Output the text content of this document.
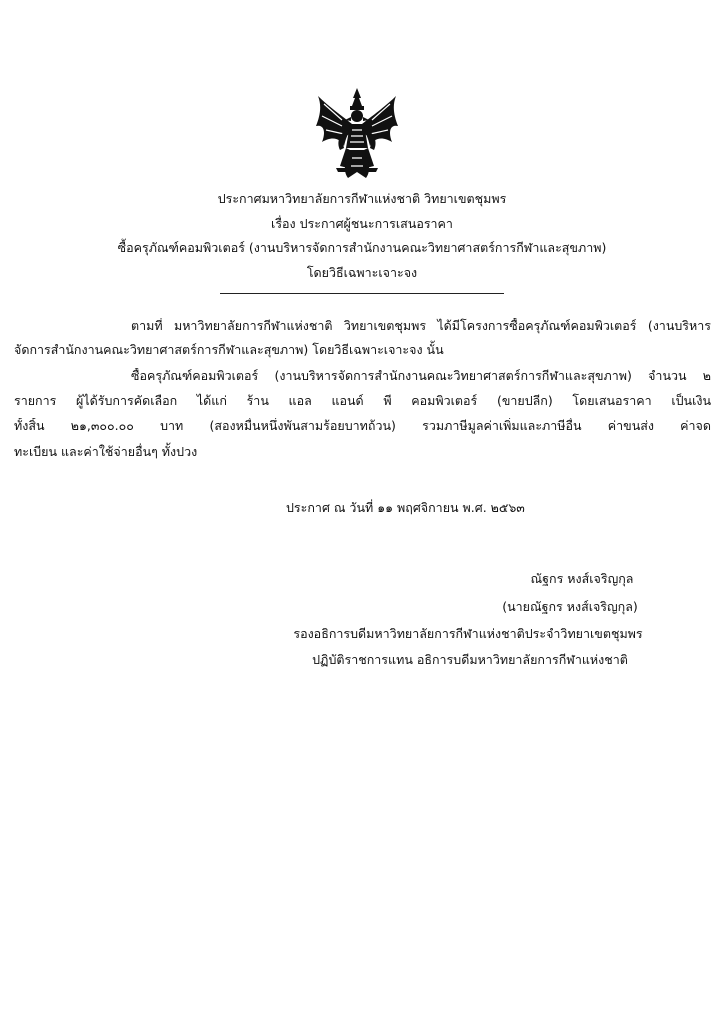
ประกาศมหาวิทยาลัยการกีฬาแห่งชาติ วิทยาเขตชุมพร
เรื่อง ประกาศผู้ชนะการเสนอราคา
ซื้อครุภัณฑ์คอมพิวเตอร์ (งานบริหารจัดการสำนักงานคณะวิทยาศาสตร์การกีฬาและสุขภาพ)
โดยวิธีเฉพาะเจาะจง
ตามที่ มหาวิทยาลัยการกีฬาแห่งชาติ วิทยาเขตชุมพร ได้มีโครงการซื้อครุภัณฑ์คอมพิวเตอร์ (งานบริหาร
จัดการสำนักงานคณะวิทยาศาสตร์การกีฬาและสุขภาพ) โดยวิธีเฉพาะเจาะจง นั้น
ซื้อครุภัณฑ์คอมพิวเตอร์ (งานบริหารจัดการสำนักงานคณะวิทยาศาสตร์การกีฬาและสุขภาพ) จำนวน ๒
รายการ ผู้ได้รับการคัดเลือก ได้แก่ ร้าน แอล แอนด์ พี คอมพิวเตอร์ (ขายปลีก) โดยเสนอราคา เป็นเงิน
ทั้งสิ้น ๒๑,๓๐๐.๐๐ บาท (สองหมื่นหนึ่งพันสามร้อยบาทถ้วน) รวมภาษีมูลค่าเพิ่มและภาษีอื่น ค่าขนส่ง ค่าจด
ทะเบียน และค่าใช้จ่ายอื่นๆ ทั้งปวง
ประกาศ ณ วันที่ ๑๑ พฤศจิกายน พ.ศ. ๒๕๖๓
ณัฐกร หงส์เจริญกุล
(นายณัฐกร หงส์เจริญกุล)
รองอธิการบดีมหาวิทยาลัยการกีฬาแห่งชาติประจำวิทยาเขตชุมพร
ปฏิบัติราชการแทน อธิการบดีมหาวิทยาลัยการกีฬาแห่งชาติ
